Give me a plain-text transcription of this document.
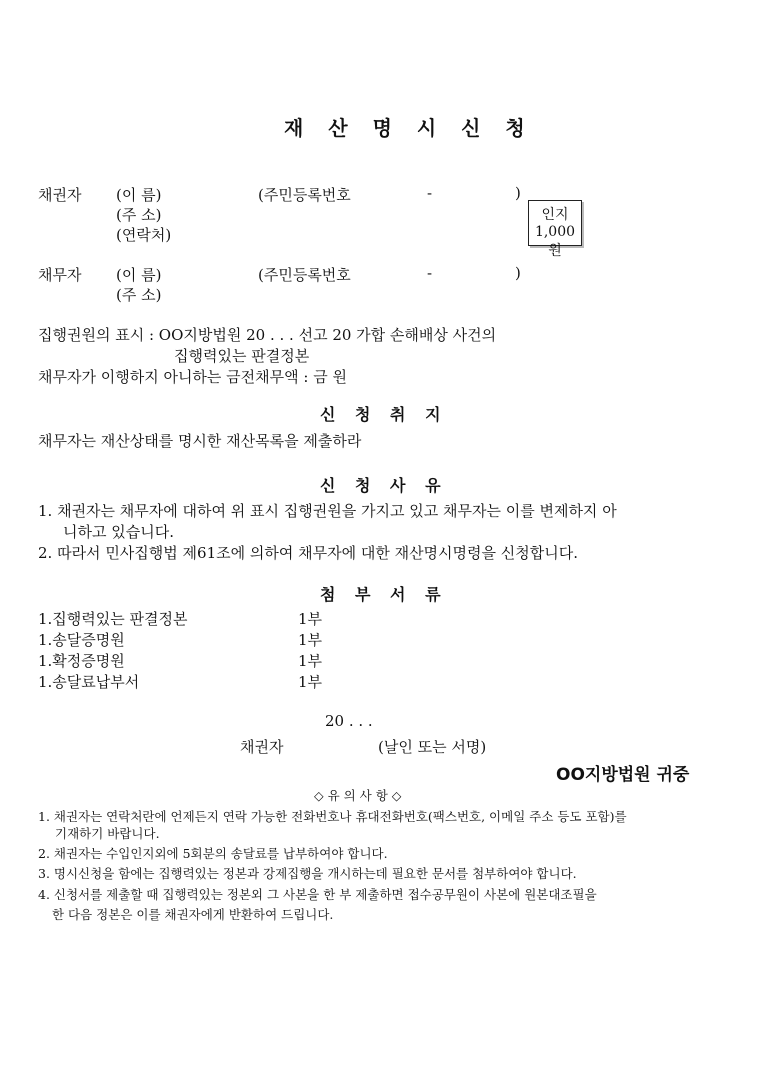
재 산 명 시 신 청
채권자 (이 름)	(주민등록번호	-	)
(주 소)
(연락처)
인지
1,000원
채무자 (이 름)	(주민등록번호	-	)
(주 소)
집행권원의 표시 : OO지방법원 20 . . . 선고 20 가합 손해배상 사건의
집행력있는 판결정본
채무자가 이행하지 아니하는 금전채무액 : 금 원
신 청 취 지
채무자는 재산상태를 명시한 재산목록을 제출하라
신 청 사 유
1. 채권자는 채무자에 대하여 위 표시 집행권원을 가지고 있고 채무자는 이를 변제하지 아
니하고 있습니다.
2. 따라서 민사집행법 제61조에 의하여 채무자에 대한 재산명시명령을 신청합니다.
첨 부 서 류
1.집행력있는 판결정본	1부
1.송달증명원	1부
1.확정증명원	1부
1.송달료납부서	1부
20 . . .
채권자	(날인 또는 서명)
OO지방법원 귀중
◇ 유 의 사 항 ◇
1. 채권자는 연락처란에 언제든지 연락 가능한 전화번호나 휴대전화번호(팩스번호, 이메일 주소 등도 포함)를
기재하기 바랍니다.
2. 채권자는 수입인지외에 5회분의 송달료를 납부하여야 합니다.
3. 명시신청을 함에는 집행력있는 정본과 강제집행을 개시하는데 필요한 문서를 첨부하여야 합니다.
4. 신청서를 제출할 때 집행력있는 정본외 그 사본을 한 부 제출하면 접수공무원이 사본에 원본대조필을
한 다음 정본은 이를 채권자에게 반환하여 드립니다.
